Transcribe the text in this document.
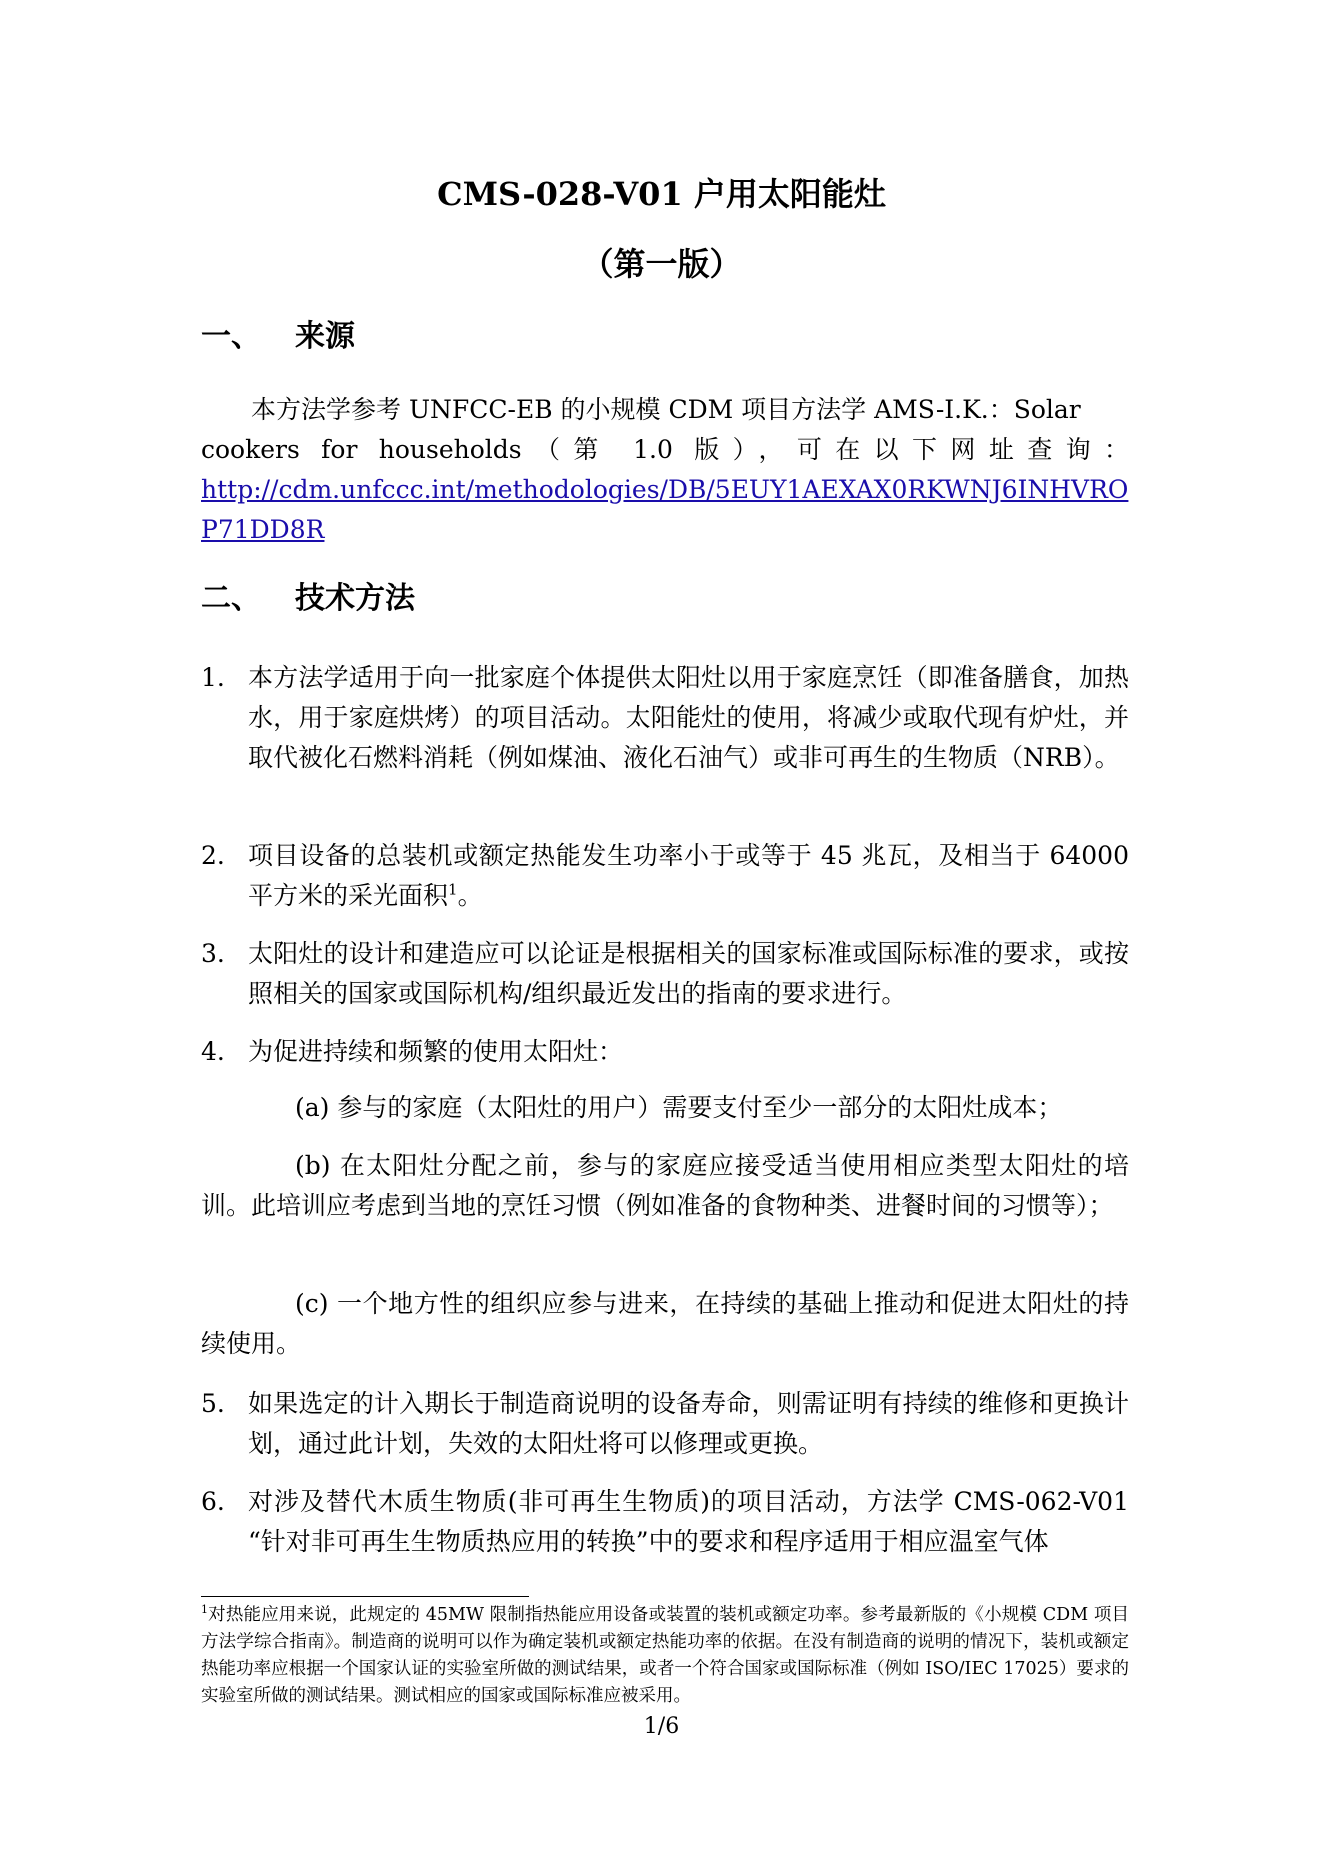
CMS-028-V01 户用太阳能灶
（第一版）
一、 来源
本方法学参考 UNFCC-EB 的小规模 CDM 项目方法学 AMS-I.K.：Solar
cookers for households（第 1.0 版），可在以下网址查询：
http://cdm.unfccc.int/methodologies/DB/5EUY1AEXAX0RKWNJ6INHVROP71DD8R
二、 技术方法
1. 本方法学适用于向一批家庭个体提供太阳灶以用于家庭烹饪（即准备膳食，加热水，用于家庭烘烤）的项目活动。太阳能灶的使用，将减少或取代现有炉灶，并取代被化石燃料消耗（例如煤油、液化石油气）或非可再生的生物质（NRB）。
2. 项目设备的总装机或额定热能发生功率小于或等于 45 兆瓦，及相当于 64000 平方米的采光面积$^1$。
3. 太阳灶的设计和建造应可以论证是根据相关的国家标准或国际标准的要求，或按照相关的国家或国际机构/组织最近发出的指南的要求进行。
4. 为促进持续和频繁的使用太阳灶：
(a) 参与的家庭（太阳灶的用户）需要支付至少一部分的太阳灶成本；
(b) 在太阳灶分配之前，参与的家庭应接受适当使用相应类型太阳灶的培训。此培训应考虑到当地的烹饪习惯（例如准备的食物种类、进餐时间的习惯等）；
(c) 一个地方性的组织应参与进来，在持续的基础上推动和促进太阳灶的持续使用。
5. 如果选定的计入期长于制造商说明的设备寿命，则需证明有持续的维修和更换计划，通过此计划，失效的太阳灶将可以修理或更换。
6. 对涉及替代木质生物质(非可再生生物质)的项目活动，方法学 CMS-062-V01 “针对非可再生生物质热应用的转换”中的要求和程序适用于相应温室气体
$^1$对热能应用来说，此规定的 45MW 限制指热能应用设备或装置的装机或额定功率。参考最新版的《小规模 CDM 项目方法学综合指南》。制造商的说明可以作为确定装机或额定热能功率的依据。在没有制造商的说明的情况下，装机或额定热能功率应根据一个国家认证的实验室所做的测试结果，或者一个符合国家或国际标准（例如 ISO/IEC 17025）要求的实验室所做的测试结果。测试相应的国家或国际标准应被采用。
1/6
